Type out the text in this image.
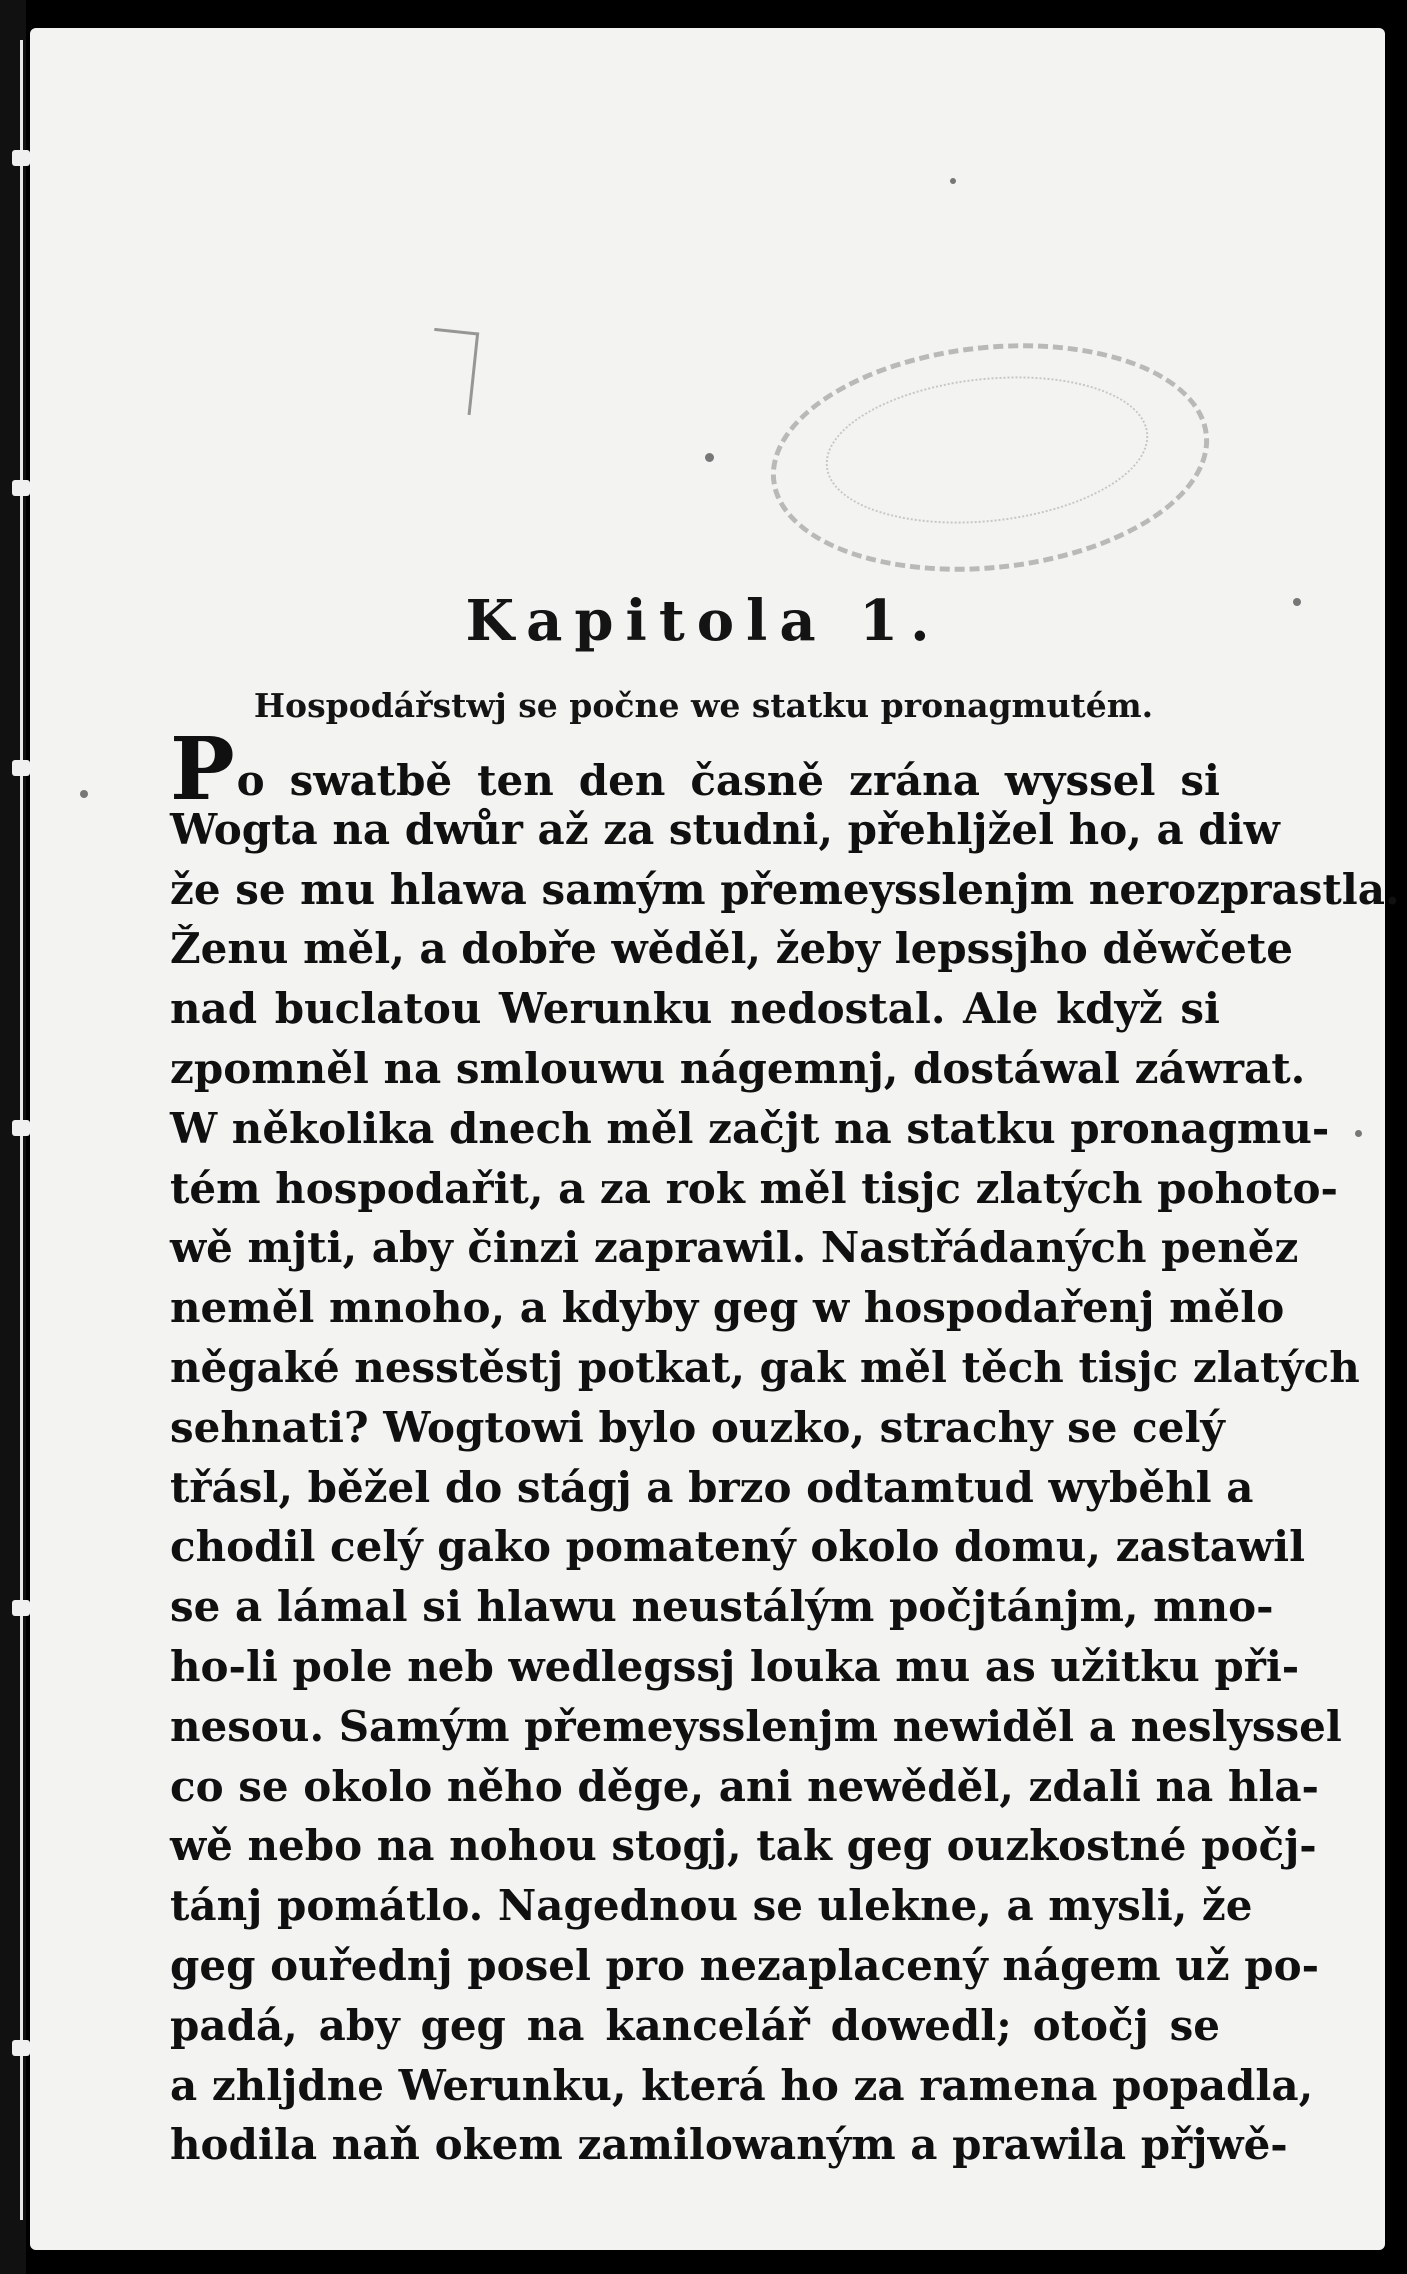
Kapitola 1.
Hospodářstwj se počne we statku pronagmutém.
Po swatbě ten den časně zrána wyssel si
Wogta na dwůr až za studni, přehljžel ho, a diw
že se mu hlawa samým přemeysslenjm nerozprastla.
Ženu měl, a dobře wěděl, žeby lepssjho děwčete
nad buclatou Werunku nedostal. Ale když si
zpomněl na smlouwu nágemnj, dostáwal záwrat.
W několika dnech měl začjt na statku pronagmu-
tém hospodařit, a za rok měl tisjc zlatých pohoto-
wě mjti, aby činzi zaprawil. Nastřádaných peněz
neměl mnoho, a kdyby geg w hospodařenj mělo
něgaké nesstěstj potkat, gak měl těch tisjc zlatých
sehnati? Wogtowi bylo ouzko, strachy se celý
třásl, běžel do stágj a brzo odtamtud wyběhl a
chodil celý gako pomatený okolo domu, zastawil
se a lámal si hlawu neustálým počjtánjm, mno-
ho-li pole neb wedlegssj louka mu as užitku při-
nesou. Samým přemeysslenjm newiděl a neslyssel
co se okolo něho děge, ani newěděl, zdali na hla-
wě nebo na nohou stogj, tak geg ouzkostné počj-
tánj pomátlo. Nagednou se ulekne, a mysli, že
geg ouřednj posel pro nezaplacený nágem už po-
padá, aby geg na kancelář dowedl; otočj se
a zhljdne Werunku, která ho za ramena popadla,
hodila naň okem zamilowaným a prawila přjwě-
